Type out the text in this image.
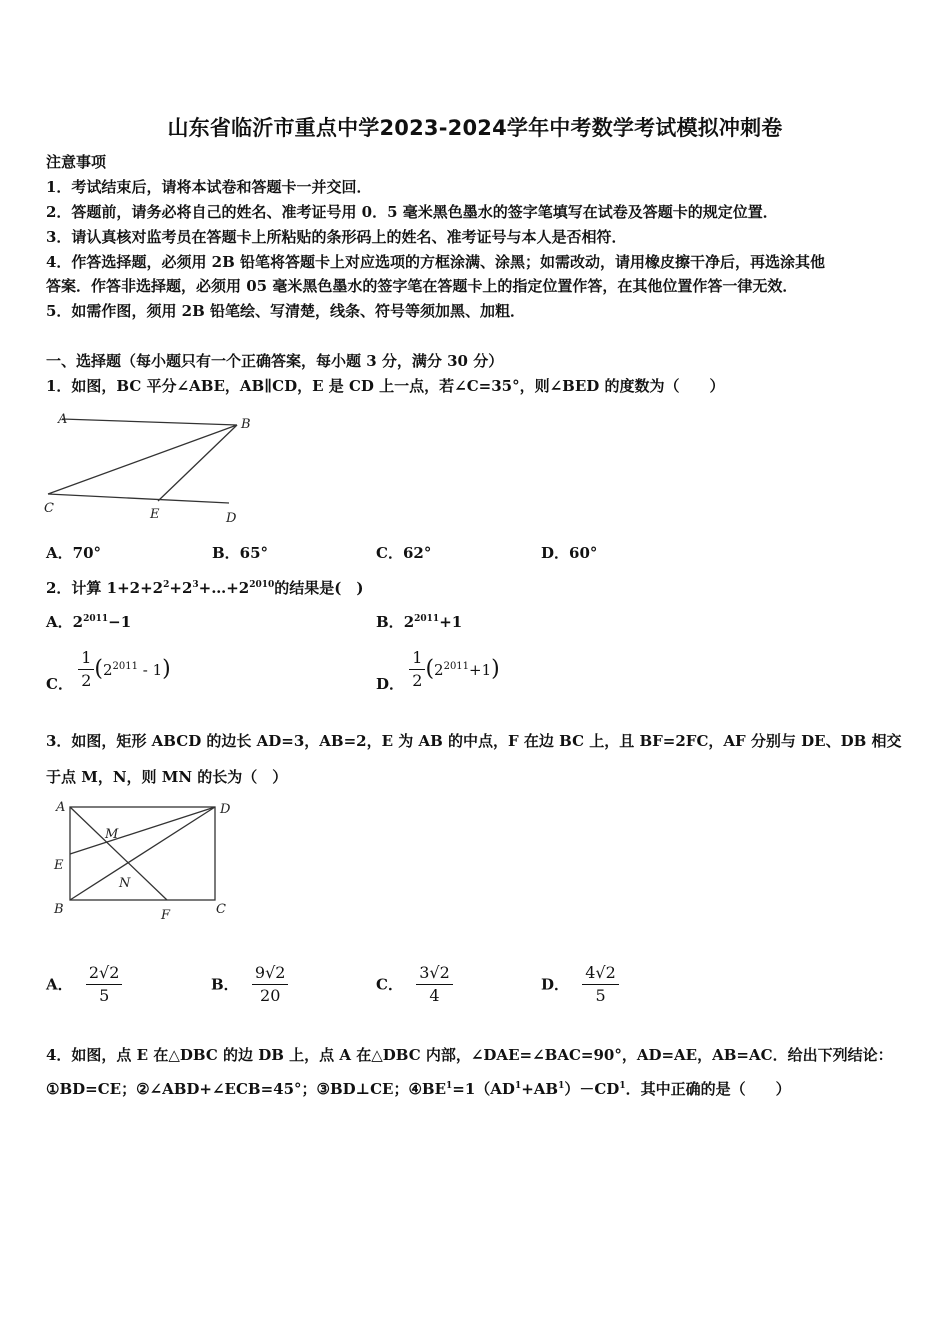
山东省临沂市重点中学2023-2024学年中考数学考试模拟冲刺卷
注意事项
1．考试结束后，请将本试卷和答题卡一并交回．
2．答题前，请务必将自己的姓名、准考证号用 0．5 毫米黑色墨水的签字笔填写在试卷及答题卡的规定位置．
3．请认真核对监考员在答题卡上所粘贴的条形码上的姓名、准考证号与本人是否相符．
4．作答选择题，必须用 2B 铅笔将答题卡上对应选项的方框涂满、涂黑；如需改动，请用橡皮擦干净后，再选涂其他
答案．作答非选择题，必须用 05 毫米黑色墨水的签字笔在答题卡上的指定位置作答，在其他位置作答一律无效．
5．如需作图，须用 2B 铅笔绘、写清楚，线条、符号等须加黑、加粗．
一、选择题（每小题只有一个正确答案，每小题 3 分，满分 30 分）
1．如图，BC 平分∠ABE，AB∥CD，E 是 CD 上一点，若∠C=35°，则∠BED 的度数为（　　）
A	B
C	E	D
A．70°	B．65°	C．62°	D．60°
2．计算 $1+2+2^2+2^3+\dots+2^{2010}$的结果是(　)
A．$2^{2011}-1$	B．$2^{2011}+1$
C． $\frac{1}{2} (2^{2011} - 1)$
D． $\frac{1}{2} (2^{2011}+1)$
3．如图，矩形 ABCD 的边长 AD=3，AB=2，E 为 AB 的中点，F 在边 BC 上，且 BF=2FC，AF 分别与 DE、DB 相交
于点 M，N，则 MN 的长为（　）
A	D
E
M
N
B	F	C
A． $\frac{2√2}{5}$	B． $\frac{9√2}{20}$	C． $\frac{3√2}{4}$	D． $\frac{4√2}{5}$
4．如图，点 E 在△DBC 的边 DB 上，点 A 在△DBC 内部，∠DAE=∠BAC=90°，AD=AE，AB=AC．给出下列结论：
①BD=CE；②∠ABD+∠ECB=45°；③BD⊥CE；$④BE^1=1(AD^1+AB^1)-CD^1$．其中正确的是（　　）
